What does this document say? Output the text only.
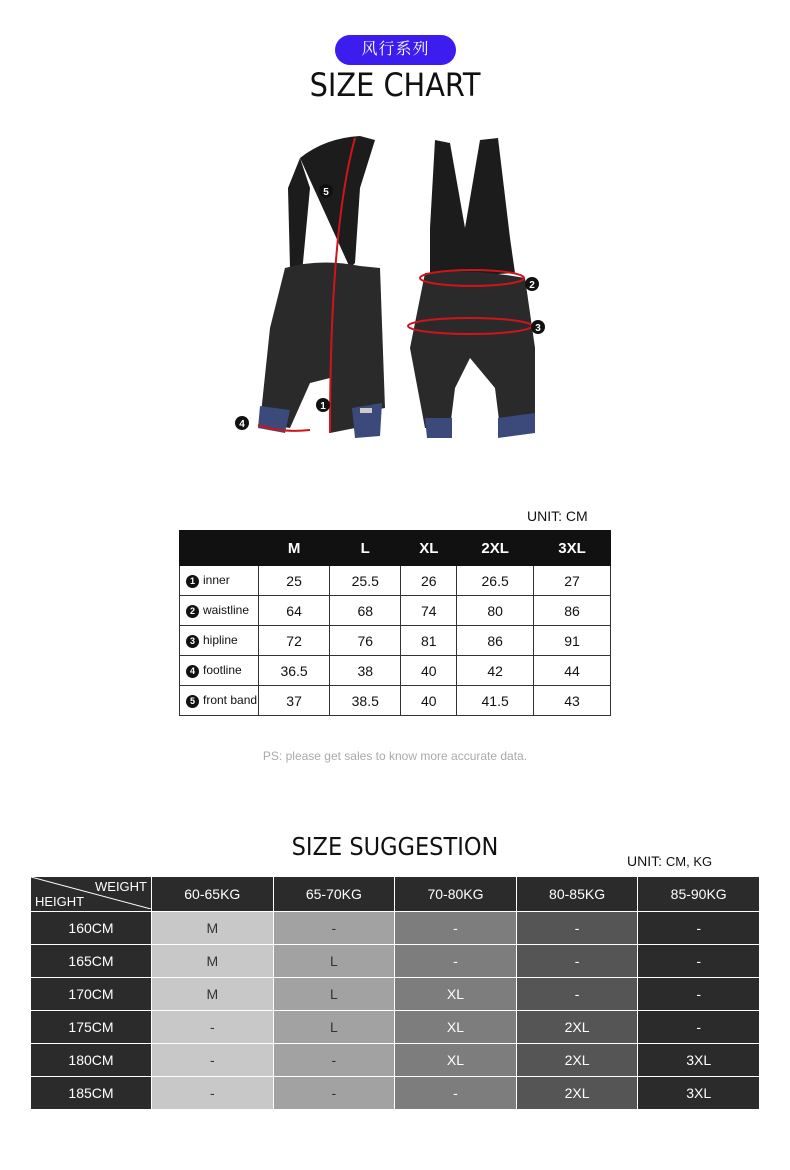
风行系列
SIZE CHART
5
1
4
2
3
UNIT: CM
	M	L	XL	2XL	3XL
1 inner	25	25.5	26	26.5	27
2 waistline	64	68	74	80	86
3 hipline	72	76	81	86	91
4 footline	36.5	38	40	42	44
5 front band	37	38.5	40	41.5	43
PS: please get sales to know more accurate data.
SIZE SUGGESTION	UNIT: CM, KG
WEIGHT
HEIGHT	60-65KG	65-70KG	70-80KG	80-85KG	85-90KG
160CM	M	-	-	-	-
165CM	M	L	-	-	-
170CM	M	L	XL	-	-
175CM	-	L	XL	2XL	-
180CM	-	-	XL	2XL	3XL
185CM	-	-	-	2XL	3XL
